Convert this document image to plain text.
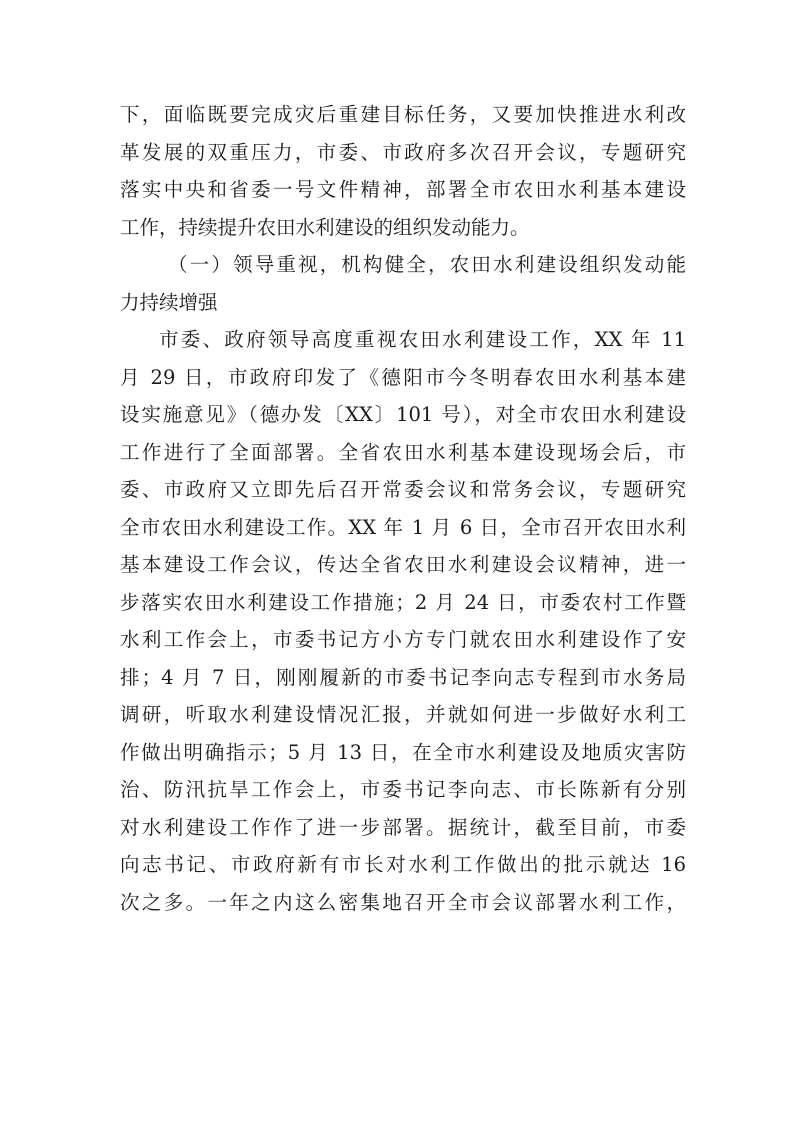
下，面临既要完成灾后重建目标任务，又要加快推进水利改
革发展的双重压力，市委、市政府多次召开会议，专题研究
落实中央和省委一号文件精神，部署全市农田水利基本建设
工作，持续提升农田水利建设的组织发动能力。
（一）领导重视，机构健全，农田水利建设组织发动能
力持续增强
市委、政府领导高度重视农田水利建设工作，XX 年 11
月 29 日，市政府印发了《德阳市今冬明春农田水利基本建
设实施意见》（德办发〔XX〕101 号），对全市农田水利建设
工作进行了全面部署。全省农田水利基本建设现场会后，市
委、市政府又立即先后召开常委会议和常务会议，专题研究
全市农田水利建设工作。XX 年 1 月 6 日，全市召开农田水利
基本建设工作会议，传达全省农田水利建设会议精神，进一
步落实农田水利建设工作措施；2 月 24 日，市委农村工作暨
水利工作会上，市委书记方小方专门就农田水利建设作了安
排；4 月 7 日，刚刚履新的市委书记李向志专程到市水务局
调研，听取水利建设情况汇报，并就如何进一步做好水利工
作做出明确指示；5 月 13 日，在全市水利建设及地质灾害防
治、防汛抗旱工作会上，市委书记李向志、市长陈新有分别
对水利建设工作作了进一步部署。据统计，截至目前，市委
向志书记、市政府新有市长对水利工作做出的批示就达 16
次之多。一年之内这么密集地召开全市会议部署水利工作，
